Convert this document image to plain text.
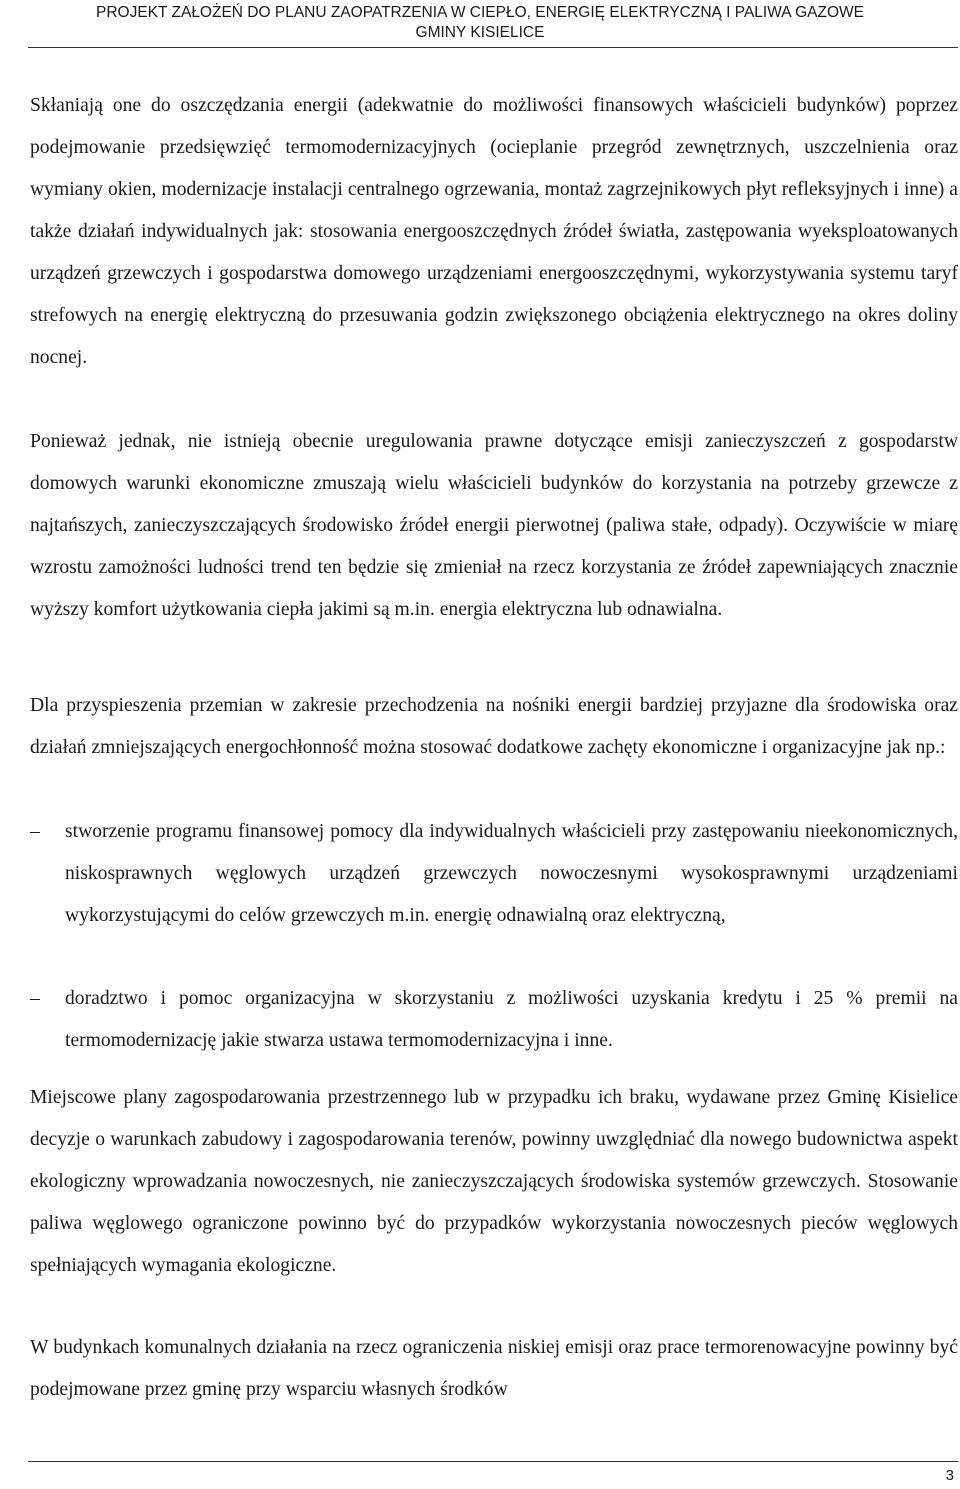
PROJEKT ZAŁOŻEŃ DO PLANU ZAOPATRZENIA W CIEPŁO, ENERGIĘ ELEKTRYCZNĄ I PALIWA GAZOWE
GMINY KISIELICE

Skłaniają one do oszczędzania energii (adekwatnie do możliwości finansowych właścicieli budynków) poprzez podejmowanie przedsięwzięć termomodernizacyjnych (ocieplanie przegród zewnętrznych, uszczelnienia oraz wymiany okien, modernizacje instalacji centralnego ogrzewania, montaż zagrzejnikowych płyt refleksyjnych i inne) a także działań indywidualnych jak: stosowania energooszczędnych źródeł światła, zastępowania wyeksploatowanych urządzeń grzewczych i gospodarstwa domowego urządzeniami energooszczędnymi, wykorzystywania systemu taryf strefowych na energię elektryczną do przesuwania godzin zwiększonego obciążenia elektrycznego na okres doliny nocnej.

Ponieważ jednak, nie istnieją obecnie uregulowania prawne dotyczące emisji zanieczyszczeń z gospodarstw domowych warunki ekonomiczne zmuszają wielu właścicieli budynków do korzystania na potrzeby grzewcze z najtańszych, zanieczyszczających środowisko źródeł energii pierwotnej (paliwa stałe, odpady). Oczywiście w miarę wzrostu zamożności ludności trend ten będzie się zmieniał na rzecz korzystania ze źródeł zapewniających znacznie wyższy komfort użytkowania ciepła jakimi są m.in. energia elektryczna lub odnawialna.

Dla przyspieszenia przemian w zakresie przechodzenia na nośniki energii bardziej przyjazne dla środowiska oraz działań zmniejszających energochłonność można stosować dodatkowe zachęty ekonomiczne i organizacyjne jak np.:

–	stworzenie programu finansowej pomocy dla indywidualnych właścicieli przy zastępowaniu nieekonomicznych, niskosprawnych węglowych urządzeń grzewczych nowoczesnymi wysokosprawnymi urządzeniami wykorzystującymi do celów grzewczych m.in. energię odnawialną oraz elektryczną,
–	doradztwo i pomoc organizacyjna w skorzystaniu z możliwości uzyskania kredytu i 25 % premii na termomodernizację jakie stwarza ustawa termomodernizacyjna i inne.

Miejscowe plany zagospodarowania przestrzennego lub w przypadku ich braku, wydawane przez Gminę Kisielice decyzje o warunkach zabudowy i zagospodarowania terenów, powinny uwzględniać dla nowego budownictwa aspekt ekologiczny wprowadzania nowoczesnych, nie zanieczyszczających środowiska systemów grzewczych. Stosowanie paliwa węglowego ograniczone powinno być do przypadków wykorzystania nowoczesnych pieców węglowych spełniających wymagania ekologiczne.

W budynkach komunalnych działania na rzecz ograniczenia niskiej emisji oraz prace termorenowacyjne powinny być podejmowane przez gminę przy wsparciu własnych środków

3
